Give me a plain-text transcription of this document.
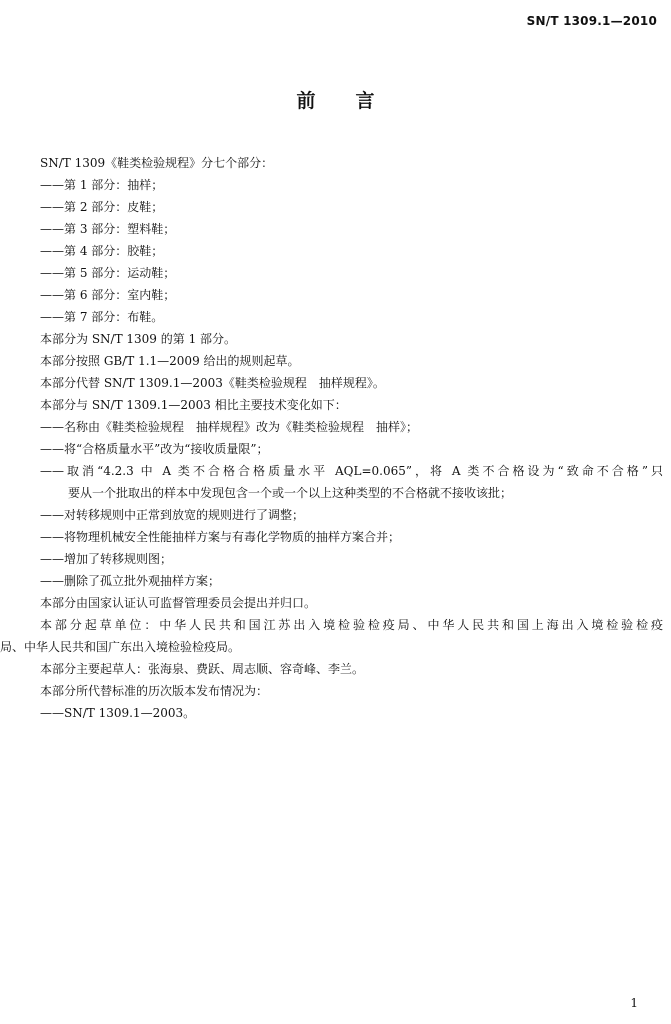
SN/T 1309.1—2010
前言
SN/T 1309《鞋类检验规程》分七个部分：
——第 1 部分：抽样；
——第 2 部分：皮鞋；
——第 3 部分：塑料鞋；
——第 4 部分：胶鞋；
——第 5 部分：运动鞋；
——第 6 部分：室内鞋；
——第 7 部分：布鞋。
本部分为 SN/T 1309 的第 1 部分。
本部分按照 GB/T 1.1—2009 给出的规则起草。
本部分代替 SN/T 1309.1—2003《鞋类检验规程　抽样规程》。
本部分与 SN/T 1309.1—2003 相比主要技术变化如下：
——名称由《鞋类检验规程　抽样规程》改为《鞋类检验规程　抽样》；
——将“合格质量水平”改为“接收质量限”；
——取消“4.2.3 中 A 类不合格合格质量水平 AQL=0.065”，将 A 类不合格设为“致命不合格”只
要从一个批取出的样本中发现包含一个或一个以上这种类型的不合格就不接收该批；
——对转移规则中正常到放宽的规则进行了调整；
——将物理机械安全性能抽样方案与有毒化学物质的抽样方案合并；
——增加了转移规则图；
——删除了孤立批外观抽样方案；
本部分由国家认证认可监督管理委员会提出并归口。
本部分起草单位：中华人民共和国江苏出入境检验检疫局、中华人民共和国上海出入境检验检疫
局、中华人民共和国广东出入境检验检疫局。
本部分主要起草人：张海泉、费跃、周志顺、容奇峰、李兰。
本部分所代替标准的历次版本发布情况为：
——SN/T 1309.1—2003。
1
